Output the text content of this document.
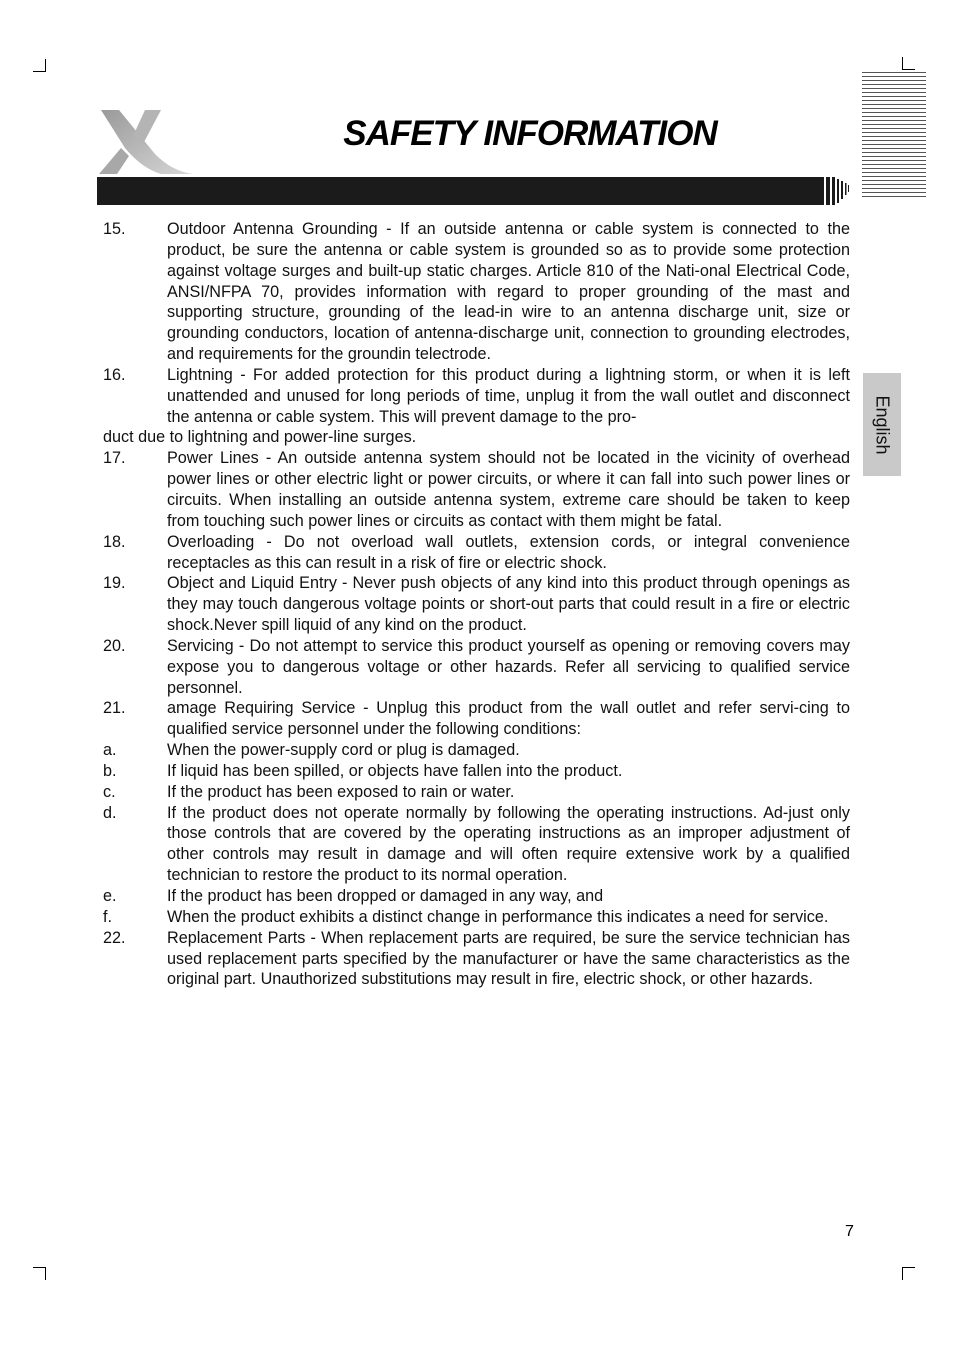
SAFETY INFORMATION
English
15.	Outdoor Antenna Grounding - If an outside antenna or cable system is connected to the product, be sure the antenna or cable system is grounded so as to provide some protection against voltage surges and built-up static charges. Article 810 of the Nati-onal Electrical Code, ANSI/NFPA 70, provides information with regard to proper grounding of the mast and supporting structure, grounding of the lead-in wire to an antenna discharge unit, size or grounding conductors, location of antenna-discharge unit, connection to grounding electrodes, and requirements for the groundin telectrode.
16.	Lightning - For added protection for this product during a lightning storm, or when it is left unattended and unused for long periods of time, unplug it from the wall outlet and disconnect the antenna or cable system. This will prevent damage to the pro-
duct due to lightning and power-line surges.
17.	Power Lines - An outside antenna system should not be located in the vicinity of overhead power lines or other electric light or power circuits, or where it can fall into such power lines or circuits. When installing an outside antenna system, extreme care should be taken to keep from touching such power lines or circuits as contact with them might be fatal.
18.	Overloading - Do not overload wall outlets, extension cords, or integral convenience receptacles as this can result in a risk of fire or electric shock.
19.	Object and Liquid Entry - Never push objects of any kind into this product through openings as they may touch dangerous voltage points or short-out parts that could result in a fire or electric shock.Never spill liquid of any kind on the product.
20.	Servicing - Do not attempt to service this product yourself as opening or removing covers may expose you to dangerous voltage or other hazards. Refer all servicing to qualified service personnel.
21.	amage Requiring Service - Unplug this product from the wall outlet and refer servi-cing to qualified service personnel under the following conditions:
a.	When the power-supply cord or plug is damaged.
b.	If liquid has been spilled, or objects have fallen into the product.
c.	If the product has been exposed to rain or water.
d.	If the product does not operate normally by following the operating instructions. Ad-just only those controls that are covered by the operating instructions as an improper adjustment of other controls may result in damage and will often require extensive work by a qualified technician to restore the product to its normal operation.
e.	If the product has been dropped or damaged in any way, and
f.	When the product exhibits a distinct change in performance this indicates a need for service.
22.	Replacement Parts - When replacement parts are required, be sure the service technician has used replacement parts specified by the manufacturer or have the same characteristics as the original part. Unauthorized substitutions may result in fire, electric shock, or other hazards.
7
